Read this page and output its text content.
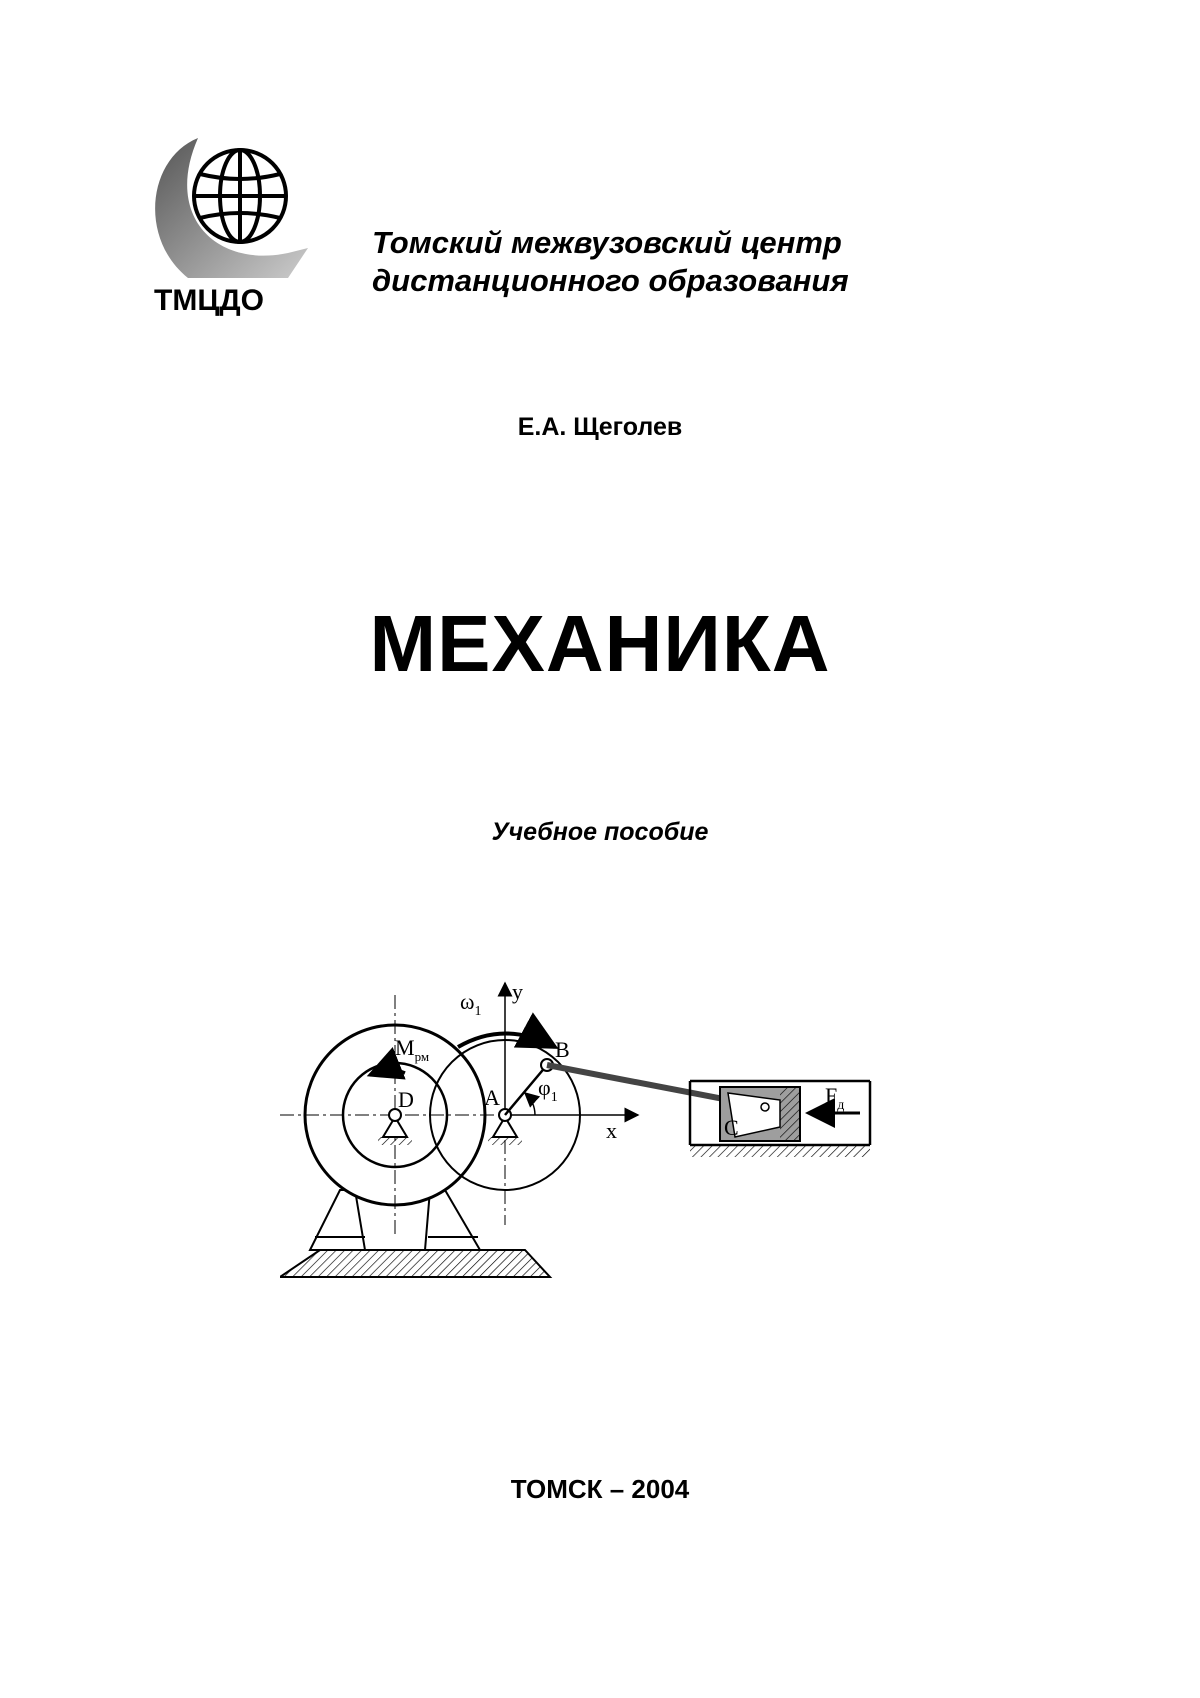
ТМЦДО
Томский межвузовский центр
дистанционного образования
Е.А. Щеголев
МЕХАНИКА
Учебное пособие
$\omega_1$
y
$M_{рм}$	B
A $\varphi_1$
D
x	C
$F_д$
ТОМСК – 2004
